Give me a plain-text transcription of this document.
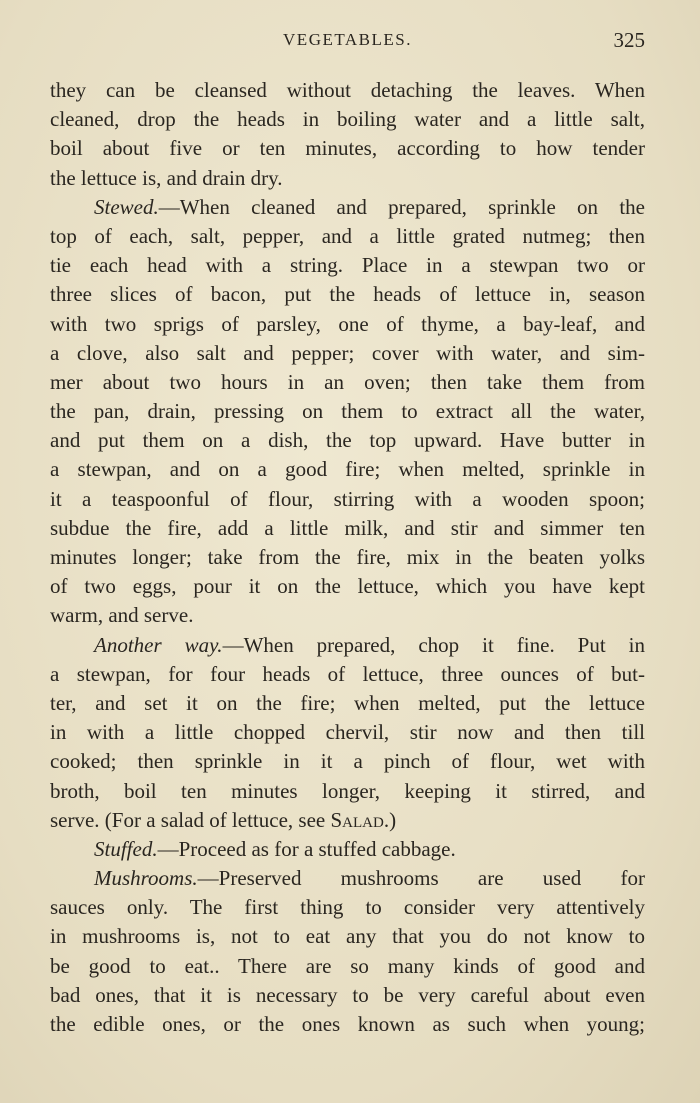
VEGETABLES.	325
they can be cleansed without detaching the leaves. When
cleaned, drop the heads in boiling water and a little salt,
boil about five or ten minutes, according to how tender
the lettuce is, and drain dry.
Stewed.—When cleaned and prepared, sprinkle on the
top of each, salt, pepper, and a little grated nutmeg; then
tie each head with a string. Place in a stewpan two or
three slices of bacon, put the heads of lettuce in, season
with two sprigs of parsley, one of thyme, a bay-leaf, and
a clove, also salt and pepper; cover with water, and sim-
mer about two hours in an oven; then take them from
the pan, drain, pressing on them to extract all the water,
and put them on a dish, the top upward. Have butter in
a stewpan, and on a good fire; when melted, sprinkle in
it a teaspoonful of flour, stirring with a wooden spoon;
subdue the fire, add a little milk, and stir and simmer ten
minutes longer; take from the fire, mix in the beaten yolks
of two eggs, pour it on the lettuce, which you have kept
warm, and serve.
Another way.—When prepared, chop it fine. Put in
a stewpan, for four heads of lettuce, three ounces of but-
ter, and set it on the fire; when melted, put the lettuce
in with a little chopped chervil, stir now and then till
cooked; then sprinkle in it a pinch of flour, wet with
broth, boil ten minutes longer, keeping it stirred, and
serve. (For a salad of lettuce, see Salad.)
Stuffed.—Proceed as for a stuffed cabbage.
Mushrooms.—Preserved mushrooms are used for
sauces only. The first thing to consider very attentively
in mushrooms is, not to eat any that you do not know to
be good to eat.. There are so many kinds of good and
bad ones, that it is necessary to be very careful about even
the edible ones, or the ones known as such when young;
